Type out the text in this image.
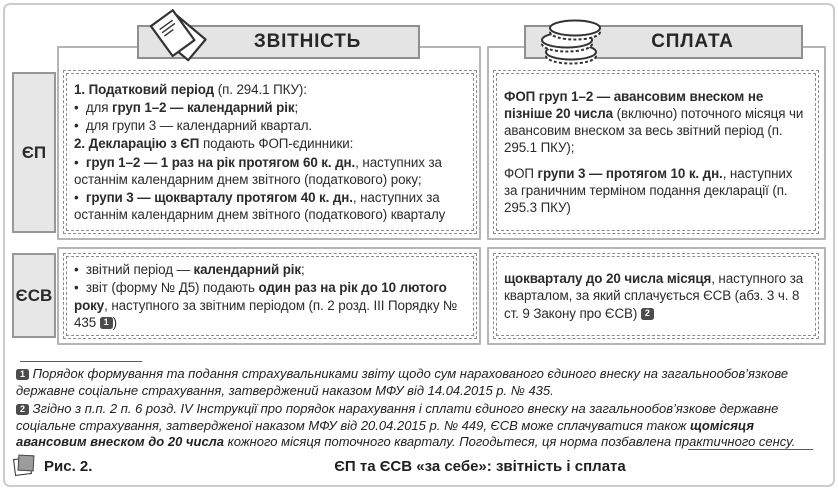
ЗВІТНІСТЬ	СПЛАТА
ЄП
ЄСВ

1. Податковий період (п. 294.1 ПКУ):

•  для груп 1–2 — календарний рік;

•  для групи 3 — календарний квартал.

2. Декларацію з ЄП подають ФОП-єдинники:

•  груп 1–2 — 1 раз на рік протягом 60 к. дн., наступних за останнім календарним днем звітного (податкового) року;

•  групи 3 — щокварталу протягом 40 к. дн., наступних за останнім календарним днем звітного (податкового) кварталу

ФОП груп 1–2 — авансовим внеском не пізніше 20 числа (включно) поточного місяця чи авансовим внеском за весь звітний період (п. 295.1 ПКУ);

ФОП групи 3 — протягом 10 к. дн., наступних за граничним терміном подання декларації (п. 295.3 ПКУ)

•  звітний період — календарний рік;

•  звіт (форму № Д5) подають один раз на рік до 10 лютого року, наступного за звітним періодом (п. 2 розд. III Порядку № 435 1 )

щокварталу до 20 числа місяця, наступного за кварталом, за який сплачується ЄСВ (абз. 3 ч. 8 ст. 9 Закону про ЄСВ) 2

1 Порядок формування та подання страхувальниками звіту щодо сум нарахованого єдиного внеску на загальнообов’язкове державне соціальне страхування, затверджений наказом МФУ від 14.04.2015 р. № 435.

2 Згідно з п.п. 2 п. 6 розд. IV Інструкції про порядок нарахування і сплати єдиного внеску на загальнообов’язкове державне соціальне страхування, затвердженої наказом МФУ від 20.04.2015 р. № 449, ЄСВ може сплачуватися також щомісяця авансовим внеском до 20 числа кожного місяця поточного кварталу. Погодьтеся, ця норма позбавлена практичного сенсу.

Рис. 2.	ЄП та ЄСВ «за себе»: звітність і сплата
